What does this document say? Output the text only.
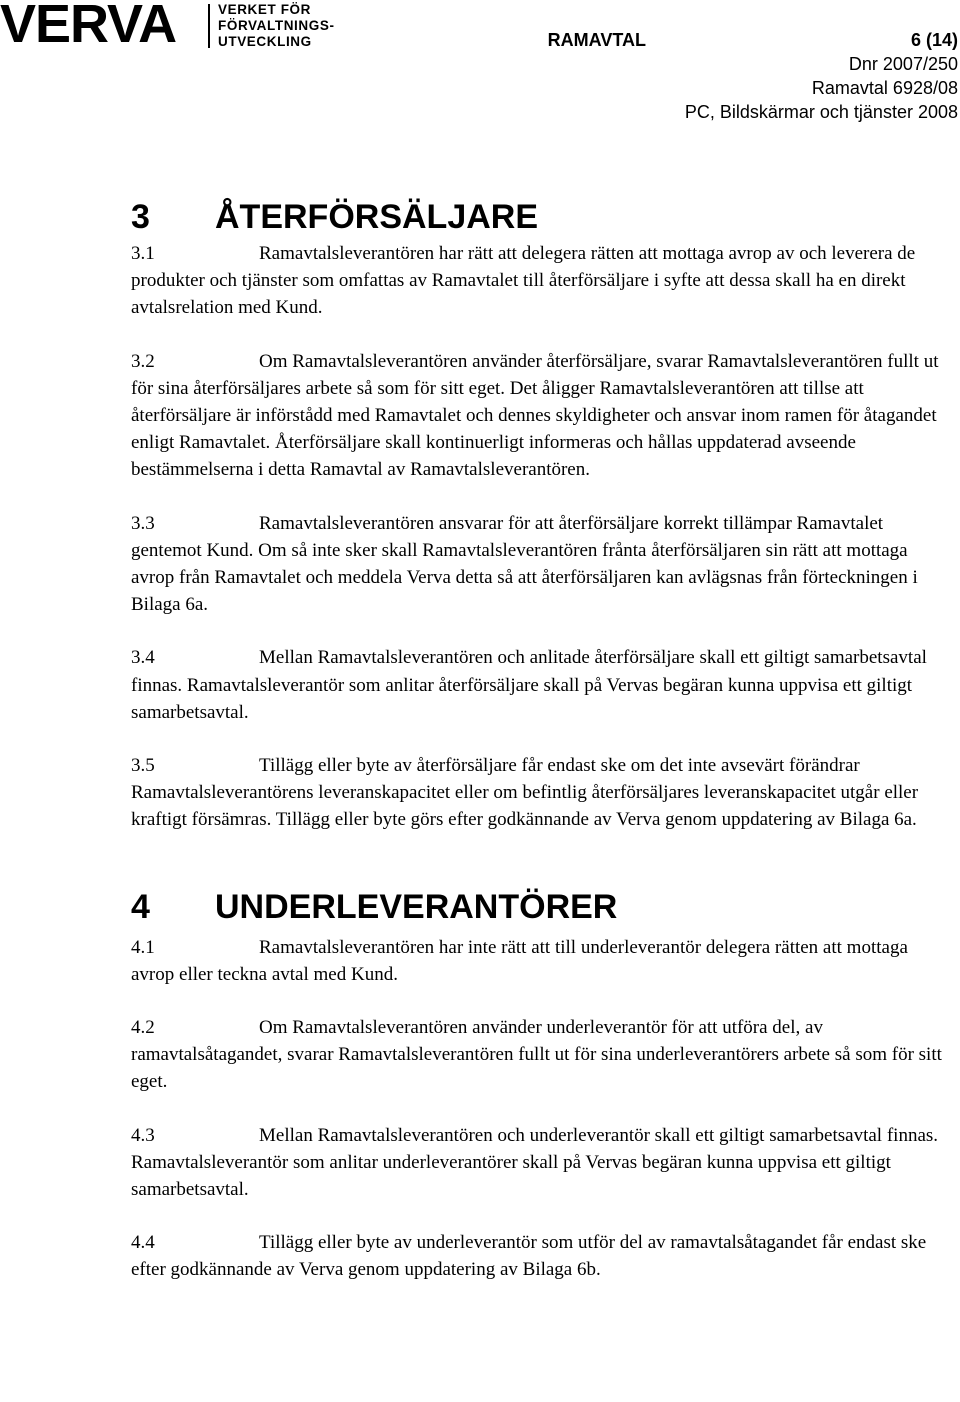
VERVA	VERKET FÖR
FÖRVALTNINGS-
UTVECKLING	RAMAVTAL	6 (14)
Dnr 2007/250
Ramavtal 6928/08
PC, Bildskärmar och tjänster 2008
3 ÅTERFÖRSÄLJARE

3.1	Ramavtalsleverantören har rätt att delegera rätten att mottaga avrop av och leverera de produkter och tjänster som omfattas av Ramavtalet till återförsäljare i syfte att dessa skall ha en direkt avtalsrelation med Kund.

3.2	Om Ramavtalsleverantören använder återförsäljare, svarar Ramavtalsleverantören fullt ut för sina återförsäljares arbete så som för sitt eget. Det åligger Ramavtalsleverantören att tillse att återförsäljare är införstådd med Ramavtalet och dennes skyldigheter och ansvar inom ramen för åtagandet enligt Ramavtalet. Återförsäljare skall kontinuerligt informeras och hållas uppdaterad avseende bestämmelserna i detta Ramavtal av Ramavtalsleverantören.

3.3	Ramavtalsleverantören ansvarar för att återförsäljare korrekt tillämpar Ramavtalet gentemot Kund. Om så inte sker skall Ramavtalsleverantören frånta återförsäljaren sin rätt att mottaga avrop från Ramavtalet och meddela Verva detta så att återförsäljaren kan avlägsnas från förteckningen i Bilaga 6a.

3.4	Mellan Ramavtalsleverantören och anlitade återförsäljare skall ett giltigt samarbetsavtal finnas. Ramavtalsleverantör som anlitar återförsäljare skall på Vervas begäran kunna uppvisa ett giltigt samarbetsavtal.

3.5	Tillägg eller byte av återförsäljare får endast ske om det inte avsevärt förändrar Ramavtalsleverantörens leveranskapacitet eller om befintlig återförsäljares leveranskapacitet utgår eller kraftigt försämras. Tillägg eller byte görs efter godkännande av Verva genom uppdatering av Bilaga 6a.

4 UNDERLEVERANTÖRER

4.1	Ramavtalsleverantören har inte rätt att till underleverantör delegera rätten att mottaga avrop eller teckna avtal med Kund.

4.2	Om Ramavtalsleverantören använder underleverantör för att utföra del, av ramavtalsåtagandet, svarar Ramavtalsleverantören fullt ut för sina underleverantörers arbete så som för sitt eget.

4.3	Mellan Ramavtalsleverantören och underleverantör skall ett giltigt samarbetsavtal finnas. Ramavtalsleverantör som anlitar underleverantörer skall på Vervas begäran kunna uppvisa ett giltigt samarbetsavtal.

4.4	Tillägg eller byte av underleverantör som utför del av ramavtalsåtagandet får endast ske efter godkännande av Verva genom uppdatering av Bilaga 6b.
